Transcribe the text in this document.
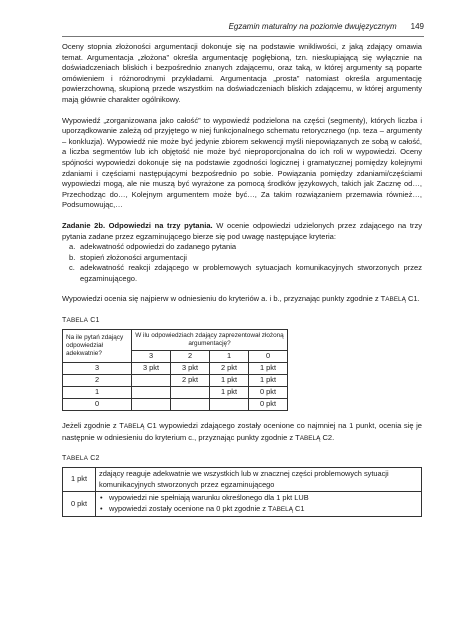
Egzamin maturalny na poziomie dwujęzycznym 149

Oceny stopnia złożoności argumentacji dokonuje się na podstawie wnikliwości, z jaką zdający omawia temat. Argumentacja „złożona” określa argumentację pogłębioną, tzn. nieskupiającą się wyłącznie na doświadczeniach bliskich i bezpośrednio znanych zdającemu, oraz taką, w której argumenty są poparte omówieniem i różnorodnymi przykładami. Argumentacja „prosta” natomiast określa argumentację powierzchowną, skupioną przede wszystkim na doświadczeniach bliskich zdającemu, w której argumenty mają głównie charakter ogólnikowy.

Wypowiedź „zorganizowana jako całość” to wypowiedź podzielona na części (segmenty), których liczba i uporządkowanie zależą od przyjętego w niej funkcjonalnego schematu retorycznego (np. teza – argumenty – konkluzja). Wypowiedź nie może być jedynie zbiorem sekwencji myśli niepowiązanych ze sobą w całość, a liczba segmentów lub ich objętość nie może być nieproporcjonalna do ich roli w wypowiedzi. Oceny spójności wypowiedzi dokonuje się na podstawie zgodności logicznej i gramatycznej pomiędzy kolejnymi zdaniami i częściami następującymi bezpośrednio po sobie. Powiązania pomiędzy zdaniami/częściami wypowiedzi mogą, ale nie muszą być wyrażone za pomocą środków językowych, takich jak Zacznę od…, Przechodząc do…, Kolejnym argumentem może być…, Za takim rozwiązaniem przemawia również…, Podsumowując,…

Zadanie 2b. Odpowiedzi na trzy pytania. W ocenie odpowiedzi udzielonych przez zdającego na trzy pytania zadane przez egzaminującego bierze się pod uwagę następujące kryteria:

a. adekwatność odpowiedzi do zadanego pytania
b. stopień złożoności argumentacji
c. adekwatność reakcji zdającego w problemowych sytuacjach komunikacyjnych stworzonych przez egzaminującego.

Wypowiedzi ocenia się najpierw w odniesieniu do kryteriów a. i b., przyznając punkty zgodnie z TABELĄ C1.

TABELA C1
Na ile pytań zdający odpowiedział adekwatnie?	W ilu odpowiedziach zdający zaprezentował złożoną argumentację?			
	3	2	1	0
3	3 pkt	3 pkt	2 pkt	1 pkt
2		2 pkt	1 pkt	1 pkt
1			1 pkt	0 pkt
0				0 pkt

Jeżeli zgodnie z TABELĄ C1 wypowiedzi zdającego zostały ocenione co najmniej na 1 punkt, ocenia się je następnie w odniesieniu do kryterium c., przyznając punkty zgodnie z TABELĄ C2.

TABELA C2
1 pkt	zdający reaguje adekwatnie we wszystkich lub w znacznej części problemowych sytuacji komunikacyjnych stworzonych przez egzaminującego
0 pkt	• wypowiedzi nie spełniają warunku określonego dla 1 pkt LUB
• wypowiedzi zostały ocenione na 0 pkt zgodnie z TABELĄ C1
